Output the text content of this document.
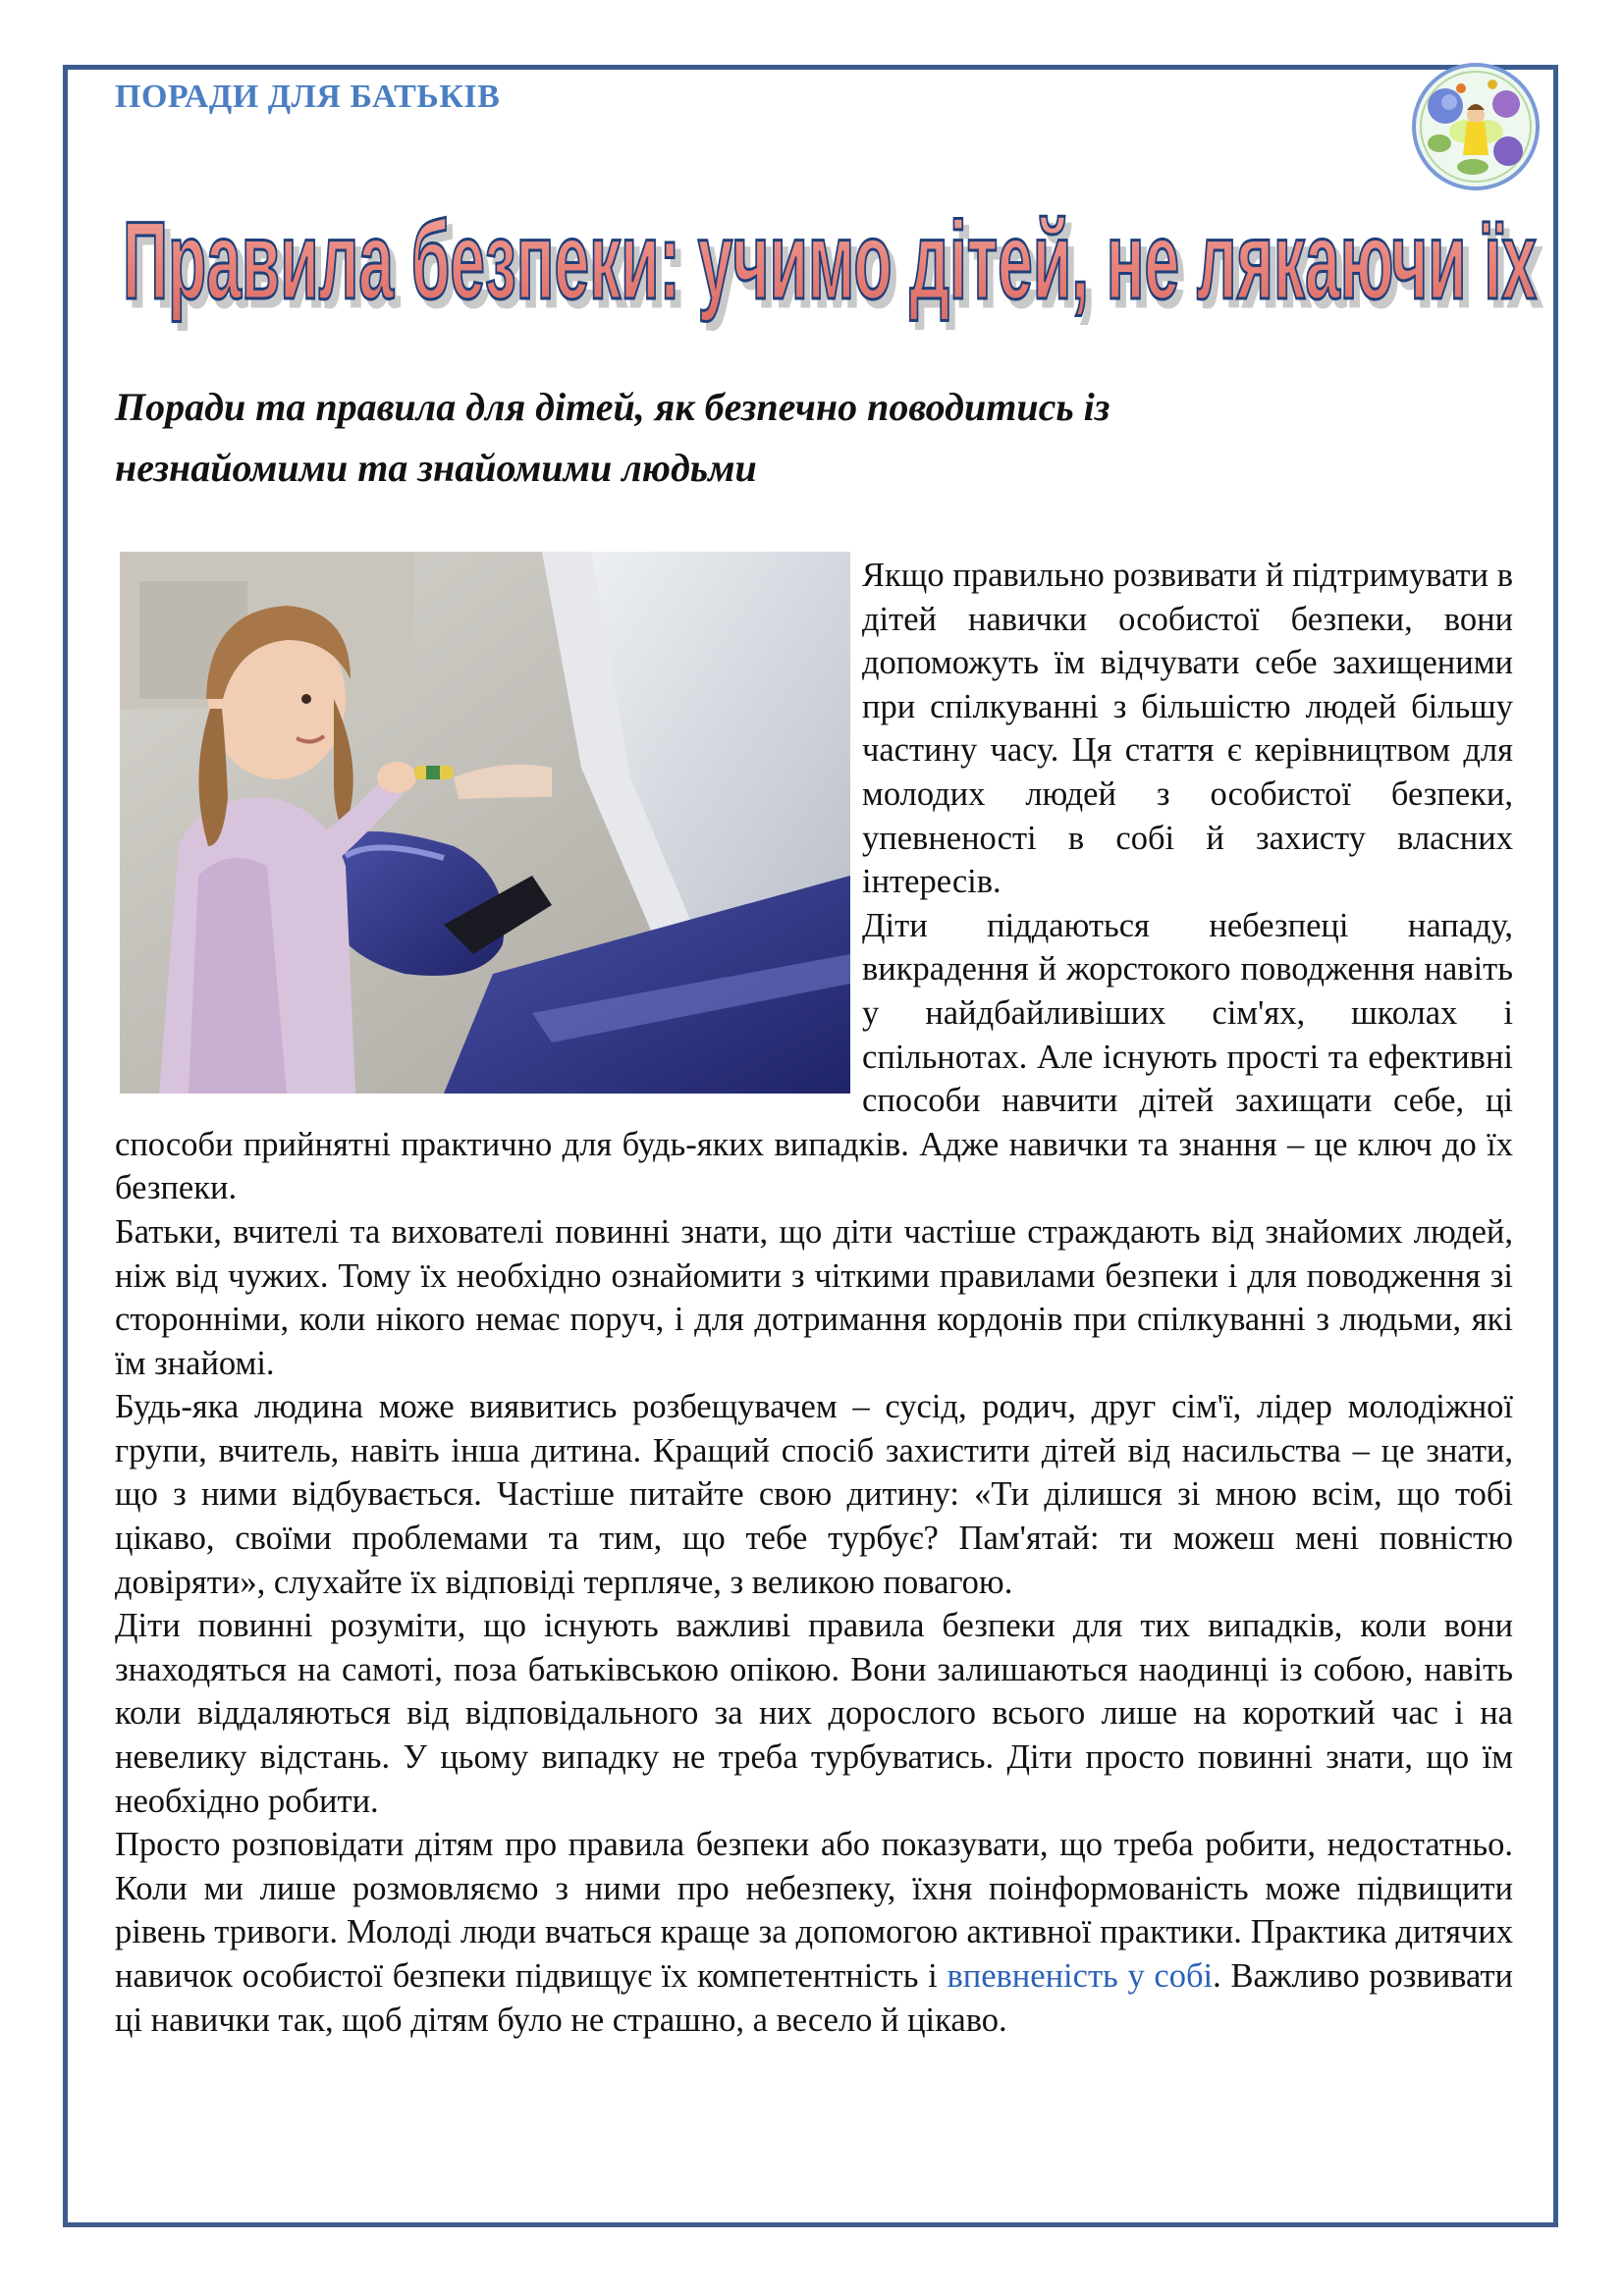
ПОРАДИ ДЛЯ БАТЬКІВ
Правила безпеки: учимо дітей, не лякаючи їх
Правила безпеки: учимо дітей, не лякаючи їх
Поради та правила для дітей, як безпечно поводитись із
незнайомими та знайомими людьми

Якщо правильно розвивати й підтримувати в дітей навички особистої безпеки, вони допоможуть їм відчувати себе захищеними при спілкуванні з більшістю людей більшу частину часу. Ця стаття є керівництвом для молодих людей з особистої безпеки, упевненості в собі й захисту власних інтересів.

Діти піддаються небезпеці нападу, викрадення й жорстокого поводження навіть у найдбайливіших сім'ях, школах і спільнотах. Але існують прості та ефективні способи навчити дітей захищати себе, ці способи прийнятні практично для будь-яких випадків. Адже навички та знання – це ключ до їх безпеки.

Батьки, вчителі та вихователі повинні знати, що діти частіше страждають від знайомих людей, ніж від чужих. Тому їх необхідно ознайомити з чіткими правилами безпеки і для поводження зі сторонніми, коли нікого немає поруч, і для дотримання кордонів при спілкуванні з людьми, які їм знайомі.

Будь-яка людина може виявитись розбещувачем – сусід, родич, друг сім'ї, лідер молодіжної групи, вчитель, навіть інша дитина. Кращий спосіб захистити дітей від насильства – це знати, що з ними відбувається. Частіше питайте свою дитину: «Ти ділишся зі мною всім, що тобі цікаво, своїми проблемами та тим, що тебе турбує? Пам'ятай: ти можеш мені повністю довіряти», слухайте їх відповіді терпляче, з великою повагою.

Діти повинні розуміти, що існують важливі правила безпеки для тих випадків, коли вони знаходяться на самоті, поза батьківською опікою. Вони залишаються наодинці із собою, навіть коли віддаляються від відповідального за них дорослого всього лише на короткий час і на невелику відстань. У цьому випадку не треба турбуватись. Діти просто повинні знати, що їм необхідно робити.

Просто розповідати дітям про правила безпеки або показувати, що треба робити, недостатньо. Коли ми лише розмовляємо з ними про небезпеку, їхня поінформованість може підвищити рівень тривоги. Молоді люди вчаться краще за допомогою активної практики. Практика дитячих навичок особистої безпеки підвищує їх компетентність і впевненість у собі. Важливо розвивати ці навички так, щоб дітям було не страшно, а весело й цікаво.
